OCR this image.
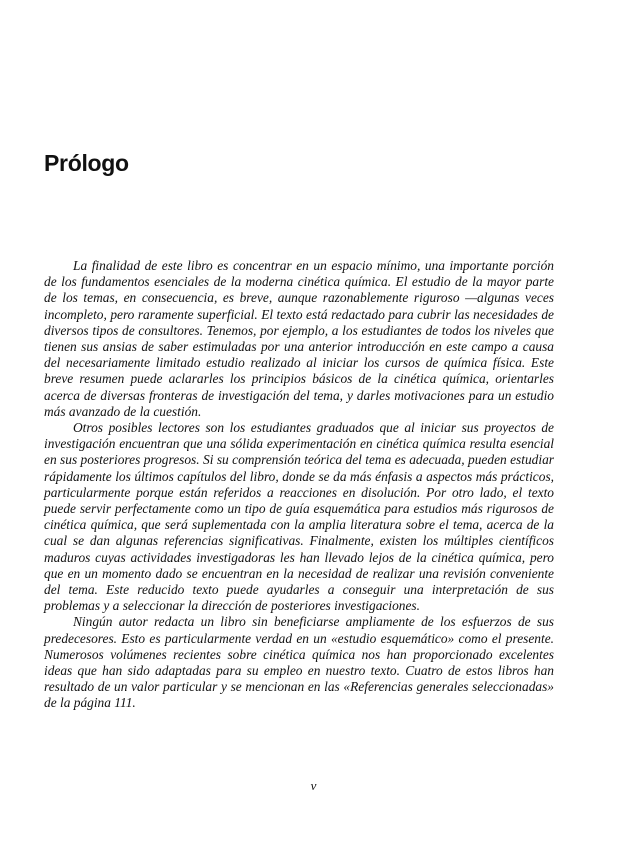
Prólogo

La finalidad de este libro es concentrar en un espacio mínimo, una importante porción de los fundamentos esenciales de la moderna cinética química. El estudio de la mayor parte de los temas, en consecuencia, es breve, aunque razonablemente riguroso —algunas veces incompleto, pero raramente superficial. El texto está redactado para cubrir las necesidades de diversos tipos de consultores. Tenemos, por ejemplo, a los estudiantes de todos los niveles que tienen sus ansias de saber estimuladas por una anterior introducción en este campo a causa del necesariamente limitado estudio realizado al iniciar los cursos de química física. Este breve resumen puede aclararles los principios básicos de la cinética química, orientarles acerca de diversas fronteras de investigación del tema, y darles motivaciones para un estudio más avanzado de la cuestión.

Otros posibles lectores son los estudiantes graduados que al iniciar sus proyectos de investigación encuentran que una sólida experimentación en cinética química resulta esencial en sus posteriores progresos. Si su comprensión teórica del tema es adecuada, pueden estudiar rápidamente los últimos capítulos del libro, donde se da más énfasis a aspectos más prácticos, particularmente porque están referidos a reacciones en disolución. Por otro lado, el texto puede servir perfectamente como un tipo de guía esquemática para estudios más rigurosos de cinética química, que será suplementada con la amplia literatura sobre el tema, acerca de la cual se dan algunas referencias significativas. Finalmente, existen los múltiples científicos maduros cuyas actividades investigadoras les han llevado lejos de la cinética química, pero que en un momento dado se encuentran en la necesidad de realizar una revisión conveniente del tema. Este reducido texto puede ayudarles a conseguir una interpretación de sus problemas y a seleccionar la dirección de posteriores investigaciones.

Ningún autor redacta un libro sin beneficiarse ampliamente de los esfuerzos de sus predecesores. Esto es particularmente verdad en un «estudio esquemático» como el presente. Numerosos volúmenes recientes sobre cinética química nos han proporcionado excelentes ideas que han sido adaptadas para su empleo en nuestro texto. Cuatro de estos libros han resultado de un valor particular y se mencionan en las «Referencias generales seleccionadas» de la página 111.

v
